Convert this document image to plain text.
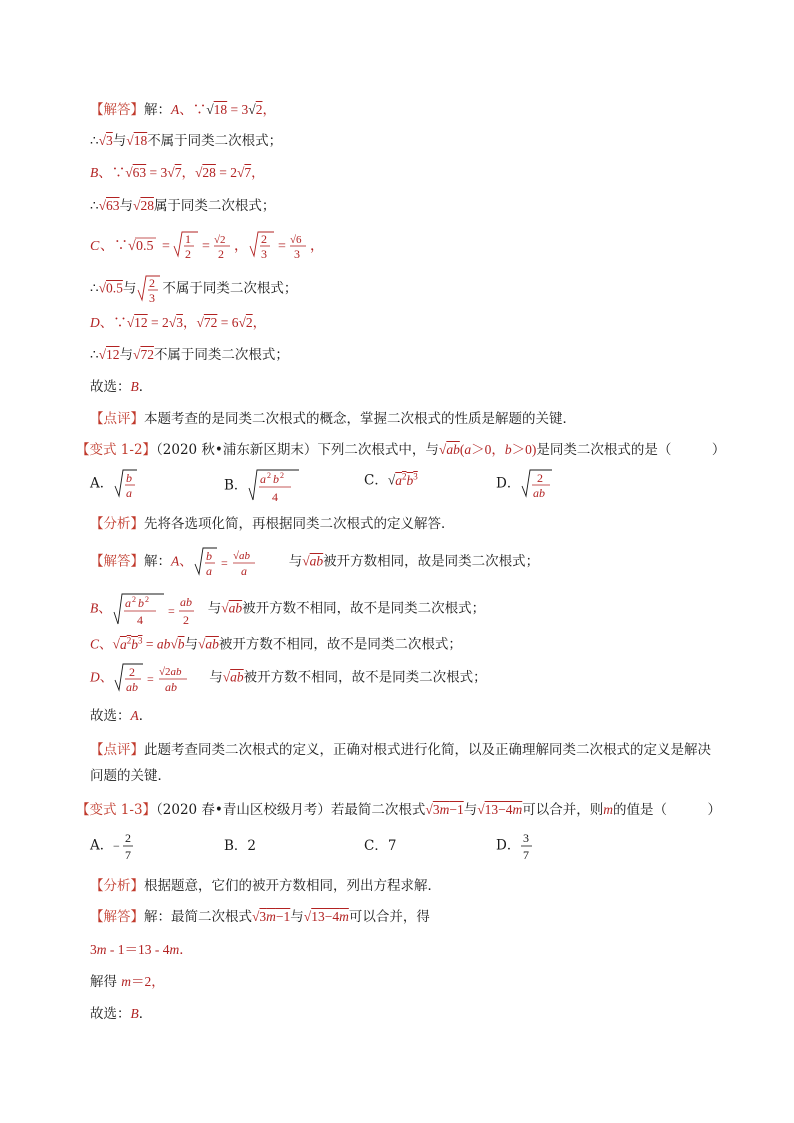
【解答】解：A、∵√18 = 3√2，
∴√3与√18不属于同类二次根式；
B、∵√63 = 3√7，√28 = 2√7，
∴√63与√28属于同类二次根式；
C 、∵√ 0.5 = 1
2 = √2
2 ， 2
3 = √6
3 ，
∴√0.5与 2
3
不属于同类二次根式；
D、∵√12 = 2√3，√72 = 6√2，
∴√12与√72不属于同类二次根式；
故选：B．
【点评】本题考查的是同类二次根式的概念，掌握二次根式的性质是解题的关键．
【变式 1-2】（2020 秋•浦东新区期末）下列二次根式中，与√ab(a＞0，b＞0)是同类二次根式的是（　　　）
A． b
a	B． a 2 b 2
4
C．$√a^2b^3$	D． 2
ab
【分析】先将各选项化简，再根据同类二次根式的定义解答．
【解答】解：A、 b
a
= √ab
a
与√ab被开方数相同，故是同类二次根式；
B、 a 2 b 2
4
=
ab
2
与√ab被开方数不相同，故不是同类二次根式；
C、$√a^2b^3 = ab√b$与√ab被开方数不相同，故不是同类二次根式；
D、 2
ab
= √2ab
ab
与√ab被开方数不相同，故不是同类二次根式；
故选：A．
【点评】此题考查同类二次根式的定义，正确对根式进行化简，以及正确理解同类二次根式的定义是解决问题的关键．
【变式 1-3】（2020 春•青山区校级月考）若最简二次根式√3m−1与√13−4m可以合并，则m的值是（　　　）
A． −
2
7
B．2	C．7	D． 3
7
【分析】根据题意，它们的被开方数相同，列出方程求解．
【解答】解：最简二次根式√3m−1与√13−4m可以合并，得
3m - 1＝13 - 4m．
解得 m＝2，
故选：B．
